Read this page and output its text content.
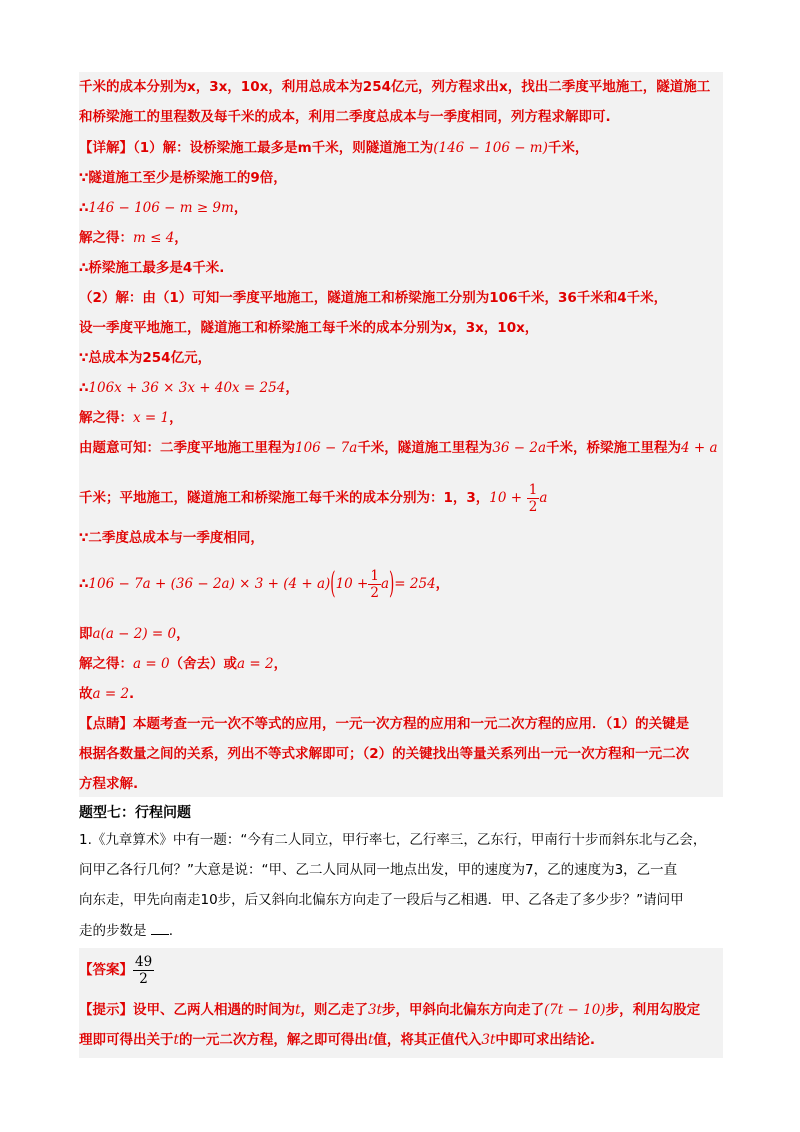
千米的成本分别为x，3x，10x，利用总成本为254亿元，列方程求出x，找出二季度平地施工，隧道施工
和桥梁施工的里程数及每千米的成本，利用二季度总成本与一季度相同，列方程求解即可.
【详解】（1）解：设桥梁施工最多是m千米，则隧道施工为(146 − 106 − m)千米，
∵隧道施工至少是桥梁施工的9倍，
∴146 − 106 − m ≥ 9m，
解之得：m ≤ 4，
∴桥梁施工最多是4千米.
（2）解：由（1）可知一季度平地施工，隧道施工和桥梁施工分别为106千米，36千米和4千米，
设一季度平地施工，隧道施工和桥梁施工每千米的成本分别为x，3x，10x，
∵总成本为254亿元，
∴106x + 36 × 3x + 40x = 254，
解之得：x = 1，
由题意可知：二季度平地施工里程为106 − 7a千米，隧道施工里程为36 − 2a千米，桥梁施工里程为4 + a
千米；平地施工，隧道施工和桥梁施工每千米的成本分别为：1，3，$10 + \frac{1}{2}$ a
∵二季度总成本与一季度相同，
∴106 − $7a + (36 - 2a) \times 3 + (4 + a)(10 + \frac{1}{2} a)= 254$，
即a(a − 2) = 0，
解之得：a = 0（舍去）或a = 2，
故a = 2.
【点睛】本题考查一元一次不等式的应用，一元一次方程的应用和一元二次方程的应用．（1）的关键是
根据各数量之间的关系，列出不等式求解即可；（2）的关键找出等量关系列出一元一次方程和一元二次
方程求解.
题型七：行程问题
1.《九章算术》中有一题：“今有二人同立，甲行率七，乙行率三，乙东行，甲南行十步而斜东北与乙会，
问甲乙各行几何？”大意是说：“甲、乙二人同从同一地点出发，甲的速度为7，乙的速度为3，乙一直
向东走，甲先向南走10步，后又斜向北偏东方向走了一段后与乙相遇．甲、乙各走了多少步？”请问甲
走的步数是 .
【答案】 $\frac{49}{2}$
【提示】设甲、乙两人相遇的时间为t，则乙走了3t步，甲斜向北偏东方向走了(7t − 10)步，利用勾股定
理即可得出关于t的一元二次方程，解之即可得出t值，将其正值代入3t中即可求出结论.
